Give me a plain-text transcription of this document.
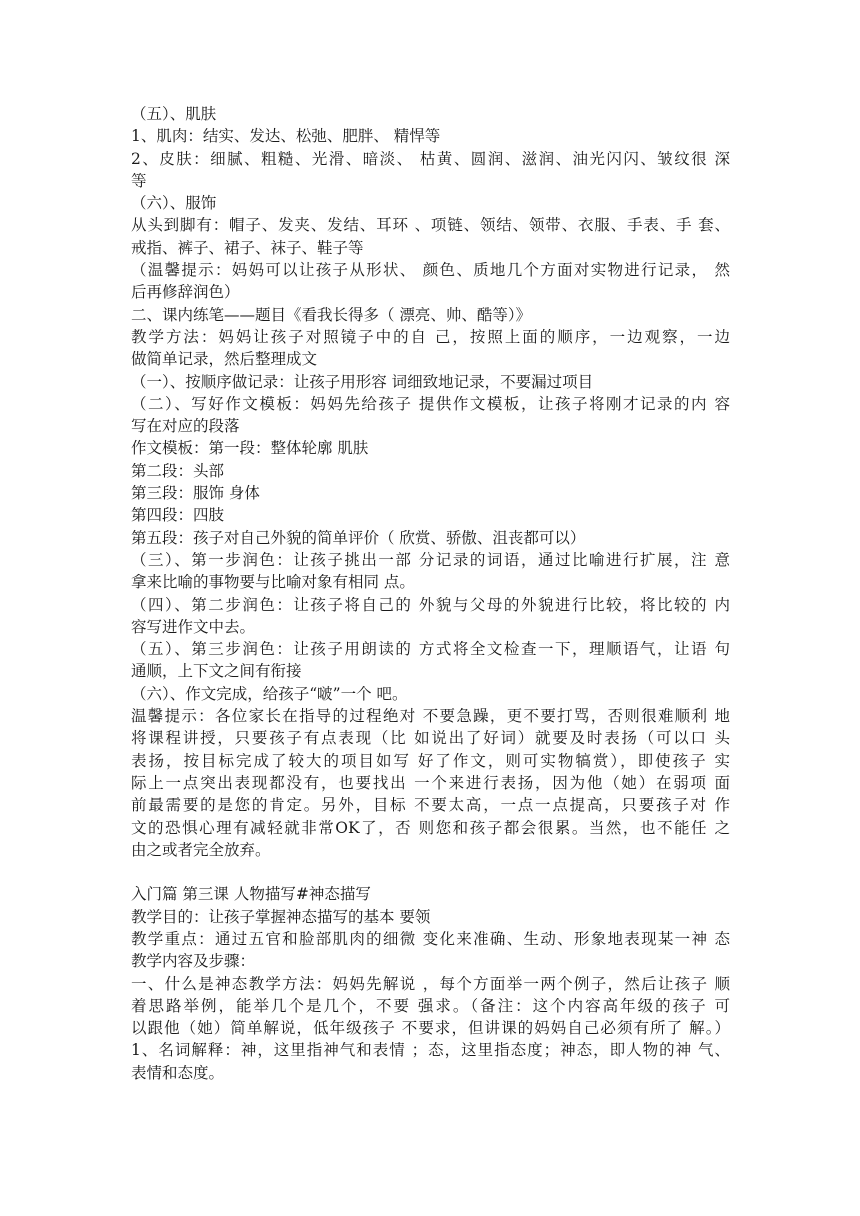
（五）、肌肤
1、肌肉：结实、发达、松弛、肥胖、 精悍等
2、皮肤：细腻、粗糙、光滑、暗淡、 枯黄、圆润、滋润、油光闪闪、皱纹很 深
等
（六）、服饰
从头到脚有：帽子、发夹、发结、耳环 、项链、领结、领带、衣服、手表、手 套、
戒指、裤子、裙子、袜子、鞋子等
（温馨提示：妈妈可以让孩子从形状、 颜色、质地几个方面对实物进行记录， 然
后再修辞润色）
二、课内练笔——题目《看我长得多（ 漂亮、帅、酷等）》
教学方法：妈妈让孩子对照镜子中的自 己，按照上面的顺序，一边观察，一边
做简单记录，然后整理成文
（一）、按顺序做记录：让孩子用形容 词细致地记录，不要漏过项目
（二）、写好作文模板：妈妈先给孩子 提供作文模板，让孩子将刚才记录的内 容
写在对应的段落
作文模板：第一段：整体轮廓 肌肤
第二段：头部
第三段：服饰 身体
第四段：四肢
第五段：孩子对自己外貌的简单评价（ 欣赏、骄傲、沮丧都可以）
（三）、第一步润色：让孩子挑出一部 分记录的词语，通过比喻进行扩展，注 意
拿来比喻的事物要与比喻对象有相同 点。
（四）、第二步润色：让孩子将自己的 外貌与父母的外貌进行比较，将比较的 内
容写进作文中去。
（五）、第三步润色：让孩子用朗读的 方式将全文检查一下，理顺语气，让语 句
通顺，上下文之间有衔接
（六）、作文完成，给孩子“啵”一个 吧。
温馨提示：各位家长在指导的过程绝对 不要急躁，更不要打骂，否则很难顺利 地
将课程讲授，只要孩子有点表现（比 如说出了好词）就要及时表扬（可以口 头
表扬，按目标完成了较大的项目如写 好了作文，则可实物犒赏），即使孩子 实
际上一点突出表现都没有，也要找出 一个来进行表扬，因为他（她）在弱项 面
前最需要的是您的肯定。另外，目标 不要太高，一点一点提高，只要孩子对 作
文的恐惧心理有减轻就非常OK了，否 则您和孩子都会很累。当然，也不能任 之
由之或者完全放弃。
入门篇 第三课 人物描写#神态描写
教学目的：让孩子掌握神态描写的基本 要领
教学重点：通过五官和脸部肌肉的细微 变化来准确、生动、形象地表现某一神 态
教学内容及步骤：
一、什么是神态教学方法：妈妈先解说 ，每个方面举一两个例子，然后让孩子 顺
着思路举例，能举几个是几个，不要 强求。（备注：这个内容高年级的孩子 可
以跟他（她）简单解说，低年级孩子 不要求，但讲课的妈妈自己必须有所了 解。）
1、名词解释：神，这里指神气和表情 ；态，这里指态度；神态，即人物的神 气、
表情和态度。
